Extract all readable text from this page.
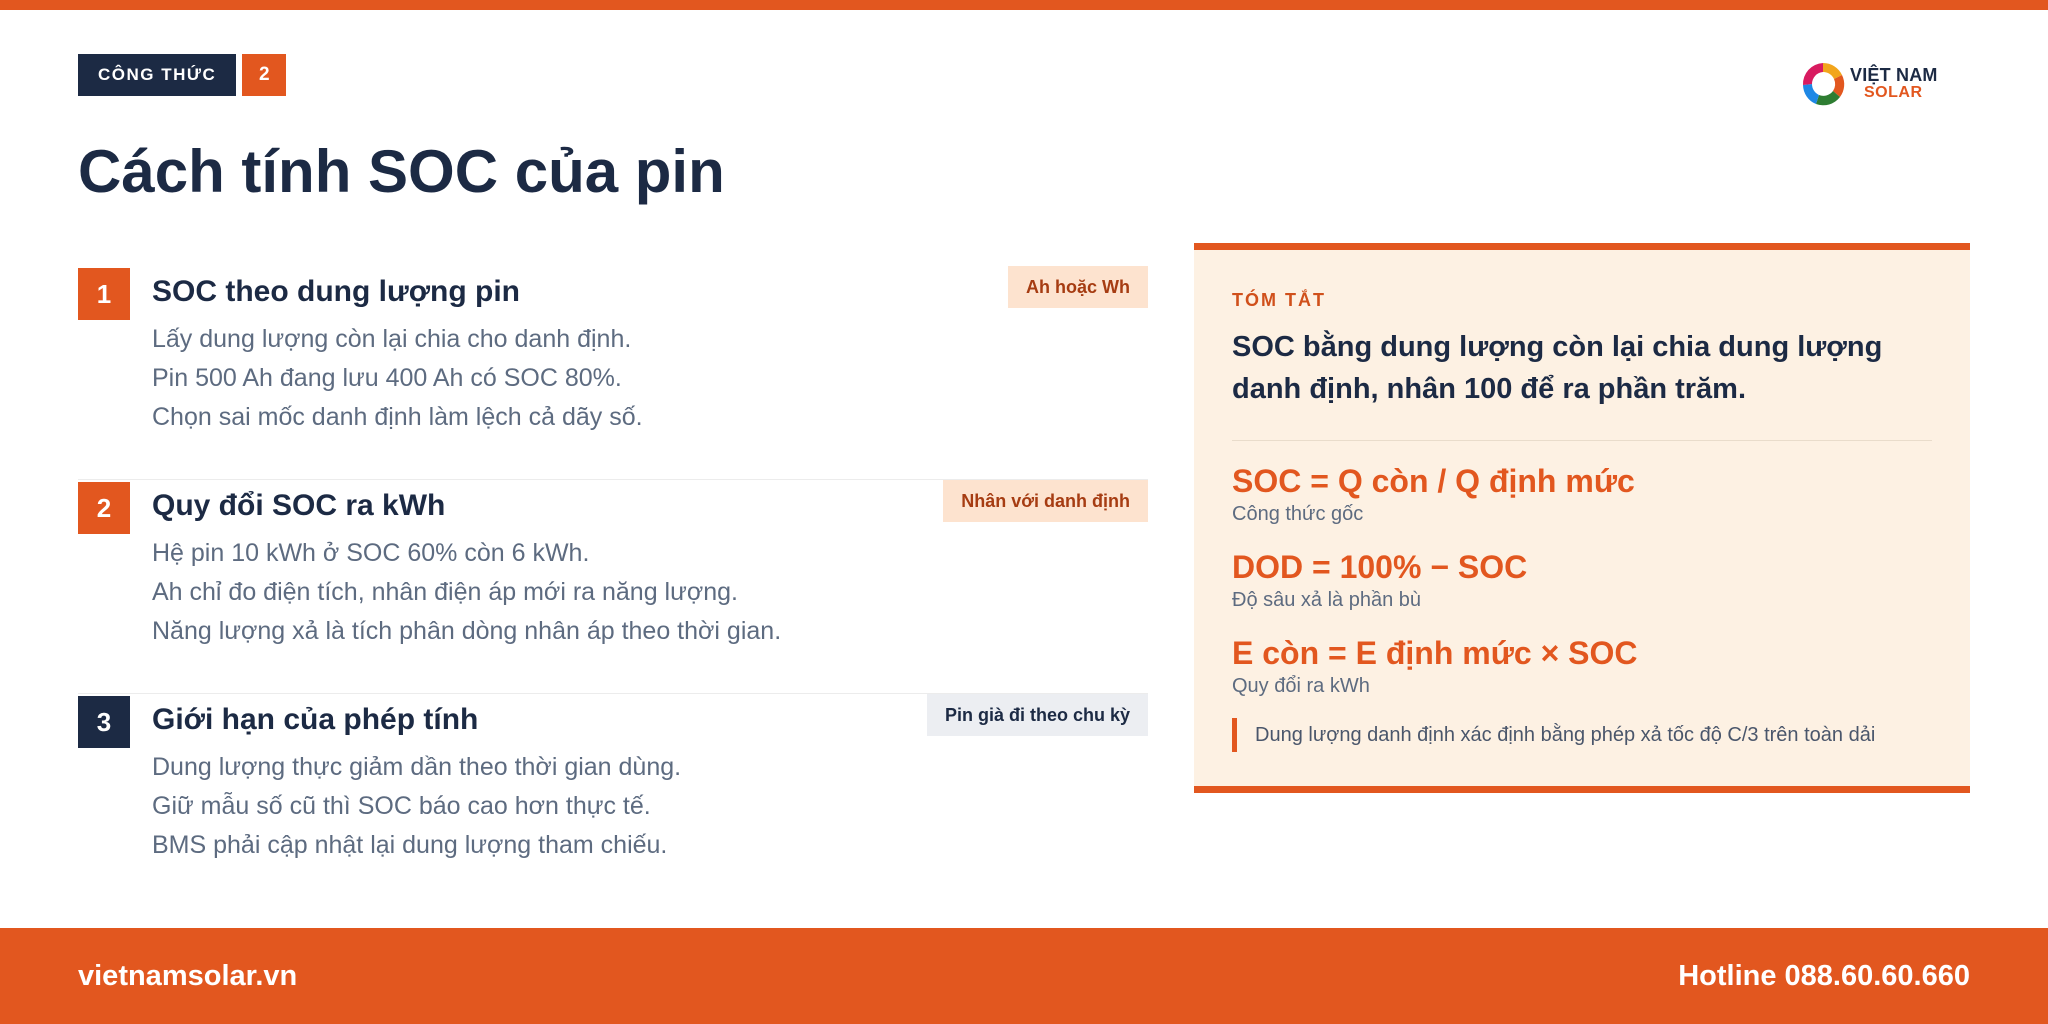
CÔNG THỨC	2	VIỆT NAM
SOLAR
Cách tính SOC của pin
1	SOC theo dung lượng pin	Ah hoặc Wh
Lấy dung lượng còn lại chia cho danh định.
Pin 500 Ah đang lưu 400 Ah có SOC 80%.
Chọn sai mốc danh định làm lệch cả dãy số.
2	Quy đổi SOC ra kWh	Nhân với danh định
Hệ pin 10 kWh ở SOC 60% còn 6 kWh.
Ah chỉ đo điện tích, nhân điện áp mới ra năng lượng.
Năng lượng xả là tích phân dòng nhân áp theo thời gian.
3	Giới hạn của phép tính	Pin già đi theo chu kỳ
Dung lượng thực giảm dần theo thời gian dùng.
Giữ mẫu số cũ thì SOC báo cao hơn thực tế.
BMS phải cập nhật lại dung lượng tham chiếu.
TÓM TẮT
SOC bằng dung lượng còn lại chia dung lượng danh định, nhân 100 để ra phần trăm.
SOC = Q còn / Q định mức
Công thức gốc
DOD = 100% − SOC
Độ sâu xả là phần bù
E còn = E định mức × SOC
Quy đổi ra kWh
Dung lượng danh định xác định bằng phép xả tốc độ C/3 trên toàn dải
vietnamsolar.vn	Hotline 088.60.60.660
